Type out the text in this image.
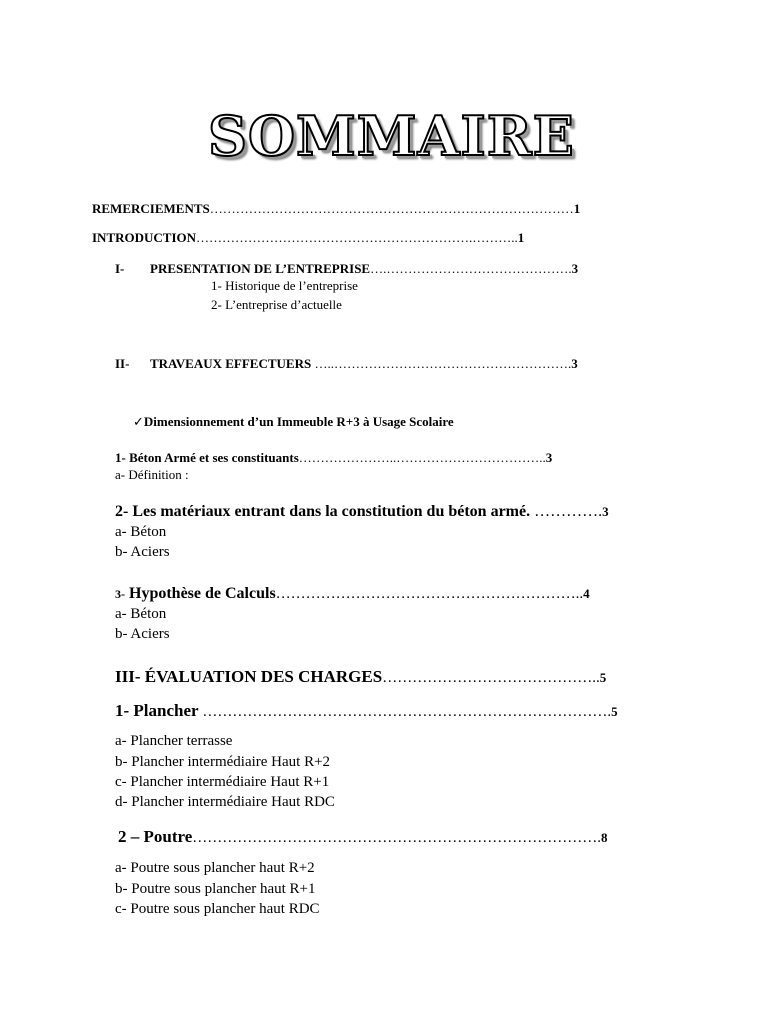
SOMMAIRE
REMERCIEMENTS…………………………………………………………………………1
INTRODUCTION……………………………………………………….………..1
I- PRESENTATION DE L’ENTREPRISE….…………………………………….3
1- Historique de l’entreprise
2- L’entreprise d’actuelle
II- TRAVEAUX EFFECTUERS …..……………………………………………….3
✓Dimensionnement d’un Immeuble R+3 à Usage Scolaire
1- Béton Armé et ses constituants…………………..……………………………..3
a- Définition :
2- Les matériaux entrant dans la constitution du béton armé. ………….3
a- Béton
b- Aciers
3- Hypothèse de Calculs……………………………………………………..4
a- Béton
b- Aciers
III- ÉVALUATION DES CHARGES……………………………………..5
1- Plancher ……………………………………………………………………….5
a- Plancher terrasse
b- Plancher intermédiaire Haut R+2
c- Plancher intermédiaire Haut R+1
d- Plancher intermédiaire Haut RDC
2 – Poutre……………………………………………………………………….8
a- Poutre sous plancher haut R+2
b- Poutre sous plancher haut R+1
c- Poutre sous plancher haut RDC
